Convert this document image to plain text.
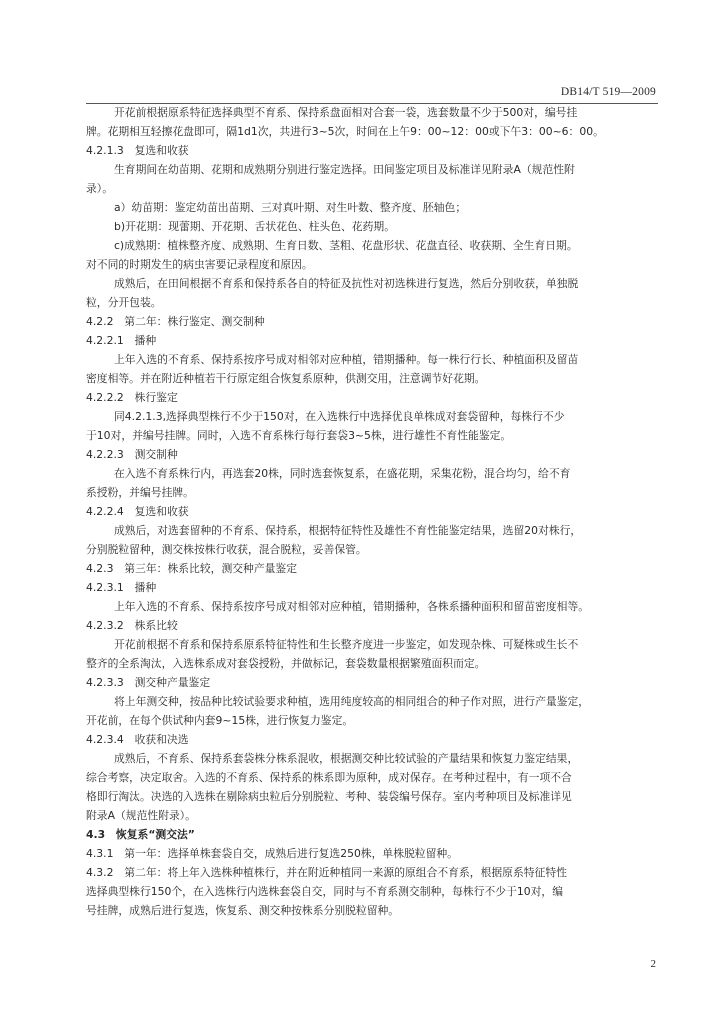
DB14/T 519—2009
开花前根据原系特征选择典型不育系、保持系盘面相对合套一袋，选套数量不少于500对，编号挂
牌。花期相互轻擦花盘即可，隔1d1次，共进行3~5次，时间在上午9：00~12：00或下午3：00~6：00。
4.2.1.3　复选和收获
生育期间在幼苗期、花期和成熟期分别进行鉴定选择。田间鉴定项目及标准详见附录A（规范性附
录）。
a）幼苗期：鉴定幼苗出苗期、三对真叶期、对生叶数、整齐度、胚轴色；
b)开花期：现蕾期、开花期、舌状花色、柱头色、花药期。
c)成熟期：植株整齐度、成熟期、生育日数、茎粗、花盘形状、花盘直径、收获期、全生育日期。
对不同的时期发生的病虫害要记录程度和原因。
成熟后，在田间根据不育系和保持系各自的特征及抗性对初选株进行复选，然后分别收获，单独脱
粒，分开包装。
4.2.2　第二年：株行鉴定、测交制种
4.2.2.1　播种
上年入选的不育系、保持系按序号成对相邻对应种植，错期播种。每一株行行长、种植面积及留苗
密度相等。并在附近种植若干行原定组合恢复系原种，供测交用，注意调节好花期。
4.2.2.2　株行鉴定
同4.2.1.3,选择典型株行不少于150对，在入选株行中选择优良单株成对套袋留种，每株行不少
于10对，并编号挂牌。同时，入选不育系株行每行套袋3~5株，进行雄性不育性能鉴定。
4.2.2.3　测交制种
在入选不育系株行内，再选套20株，同时选套恢复系，在盛花期，采集花粉，混合均匀，给不育
系授粉，并编号挂牌。
4.2.2.4　复选和收获
成熟后，对选套留种的不育系、保持系，根据特征特性及雄性不育性能鉴定结果，选留20对株行，
分别脱粒留种，测交株按株行收获，混合脱粒，妥善保管。
4.2.3　第三年：株系比较，测交种产量鉴定
4.2.3.1　播种
上年入选的不育系、保持系按序号成对相邻对应种植，错期播种，各株系播种面积和留苗密度相等。
4.2.3.2　株系比较
开花前根据不育系和保持系原系特征特性和生长整齐度进一步鉴定，如发现杂株、可疑株或生长不
整齐的全系淘汰，入选株系成对套袋授粉，并做标记，套袋数量根据繁殖面积而定。
4.2.3.3　测交种产量鉴定
将上年测交种，按品种比较试验要求种植，选用纯度较高的相同组合的种子作对照，进行产量鉴定，
开花前，在每个供试种内套9~15株，进行恢复力鉴定。
4.2.3.4　收获和决选
成熟后，不育系、保持系套袋株分株系混收，根据测交种比较试验的产量结果和恢复力鉴定结果，
综合考察，决定取舍。入选的不育系、保持系的株系即为原种，成对保存。在考种过程中，有一项不合
格即行淘汰。决选的入选株在剔除病虫粒后分别脱粒、考种、装袋编号保存。室内考种项目及标准详见
附录A（规范性附录）。
4.3　恢复系“测交法”
4.3.1　第一年：选择单株套袋自交，成熟后进行复选250株，单株脱粒留种。
4.3.2　第二年：将上年入选株种植株行，并在附近种植同一来源的原组合不育系，根据原系特征特性
选择典型株行150个，在入选株行内选株套袋自交，同时与不育系测交制种，每株行不少于10对，编
号挂牌，成熟后进行复选，恢复系、测交种按株系分别脱粒留种。
2
